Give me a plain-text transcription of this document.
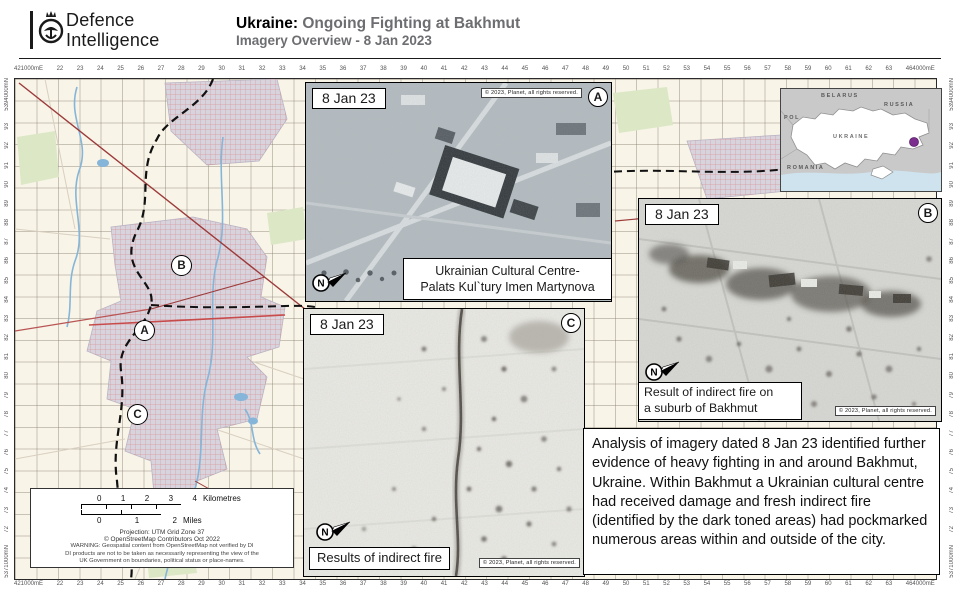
Defence
Intelligence
Ukraine: Ongoing Fighting at Bakhmut
Imagery Overview - 8 Jan 2023
421000mE 22 23 24 25 26 27 28 29 30 31 32 33 34 35 36 37 38 39 40 41 42 43 44 45 46 47 48 49 50 51 52 53 54 55 56 57 58 59 60 61 62 63 464000mE
421000mE 22 23 24 25 26 27 28 29 30 31 32 33 34 35 36 37 38 39 40 41 42 43 44 45 46 47 48 49 50 51 52 53 54 55 56 57 58 59 60 61 62 63 464000mE
5394000mN
93
92
91
90
89
88
87
86
85
84
83
82
81
80
79
78
77
76
75
74
73
72
5371000mN
5394000mN
93
92
91
90
89
88
87
86
85
84
83
82
81
80
79
78
77
76
75
74
73
72
5371000mN
A
B
C
8 Jan 23	© 2023, Planet, all rights reserved.	A
N
Ukrainian Cultural Centre-
Palats Kul`tury Imen Martynova
BELARUS
RUSSIA
POL
UKRAINE
ROMANIA
8 Jan 23	B
N
Result of indirect fire on
a suburb of Bakhmut	© 2023, Planet, all rights reserved.
8 Jan 23	C
N
Results of indirect fire	© 2023, Planet, all rights reserved.
Analysis of imagery dated 8 Jan 23 identified further evidence of heavy fighting in and around Bakhmut, Ukraine. Within Bakhmut a Ukrainian cultural centre had received damage and fresh indirect fire (identified by the dark toned areas) had pockmarked numerous areas within and outside of the city.
0 1 2 3 4 Kilometres
0	1	2 Miles
Projection: UTM Grid Zone 37
© OpenStreetMap Contributors Oct 2022
WARNING: Geospatial content from OpenStreetMap not verified by DI
DI products are not to be taken as necessarily representing the view of the
UK Government on boundaries, political status or place-names.
